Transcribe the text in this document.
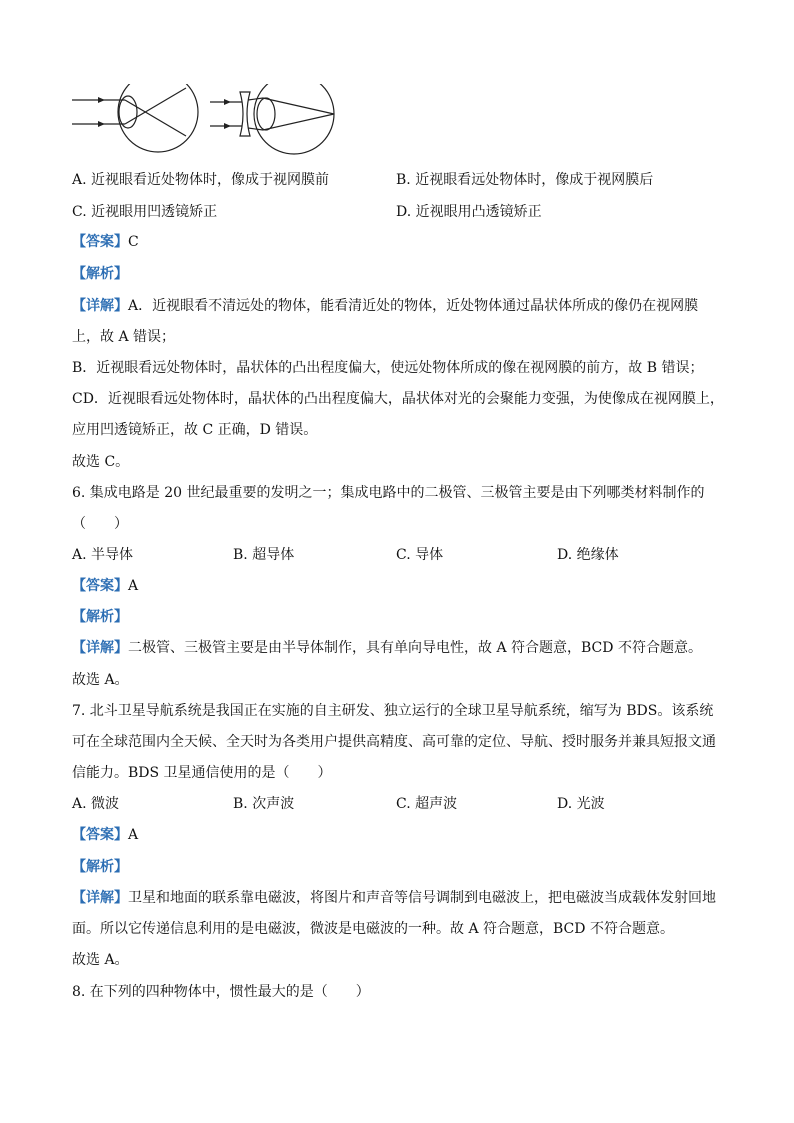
A. 近视眼看近处物体时，像成于视网膜前	B. 近视眼看远处物体时，像成于视网膜后
C. 近视眼用凹透镜矫正	D. 近视眼用凸透镜矫正
【答案】C
【解析】
【详解】A．近视眼看不清远处的物体，能看清近处的物体，近处物体通过晶状体所成的像仍在视网膜
上，故 A 错误；
B．近视眼看远处物体时，晶状体的凸出程度偏大，使远处物体所成的像在视网膜的前方，故 B 错误；
CD．近视眼看远处物体时，晶状体的凸出程度偏大，晶状体对光的会聚能力变强，为使像成在视网膜上，
应用凹透镜矫正，故 C 正确，D 错误。
故选 C。
6. 集成电路是 20 世纪最重要的发明之一；集成电路中的二极管、三极管主要是由下列哪类材料制作的
（　　）
A. 半导体	B. 超导体	C. 导体	D. 绝缘体
【答案】A
【解析】
【详解】二极管、三极管主要是由半导体制作，具有单向导电性，故 A 符合题意，BCD 不符合题意。
故选 A。
7. 北斗卫星导航系统是我国正在实施的自主研发、独立运行的全球卫星导航系统，缩写为 BDS。该系统
可在全球范围内全天候、全天时为各类用户提供高精度、高可靠的定位、导航、授时服务并兼具短报文通
信能力。BDS 卫星通信使用的是（　　）
A. 微波	B. 次声波	C. 超声波	D. 光波
【答案】A
【解析】
【详解】卫星和地面的联系靠电磁波，将图片和声音等信号调制到电磁波上，把电磁波当成载体发射回地
面。所以它传递信息利用的是电磁波，微波是电磁波的一种。故 A 符合题意，BCD 不符合题意。
故选 A。
8. 在下列的四种物体中，惯性最大的是（　　）
